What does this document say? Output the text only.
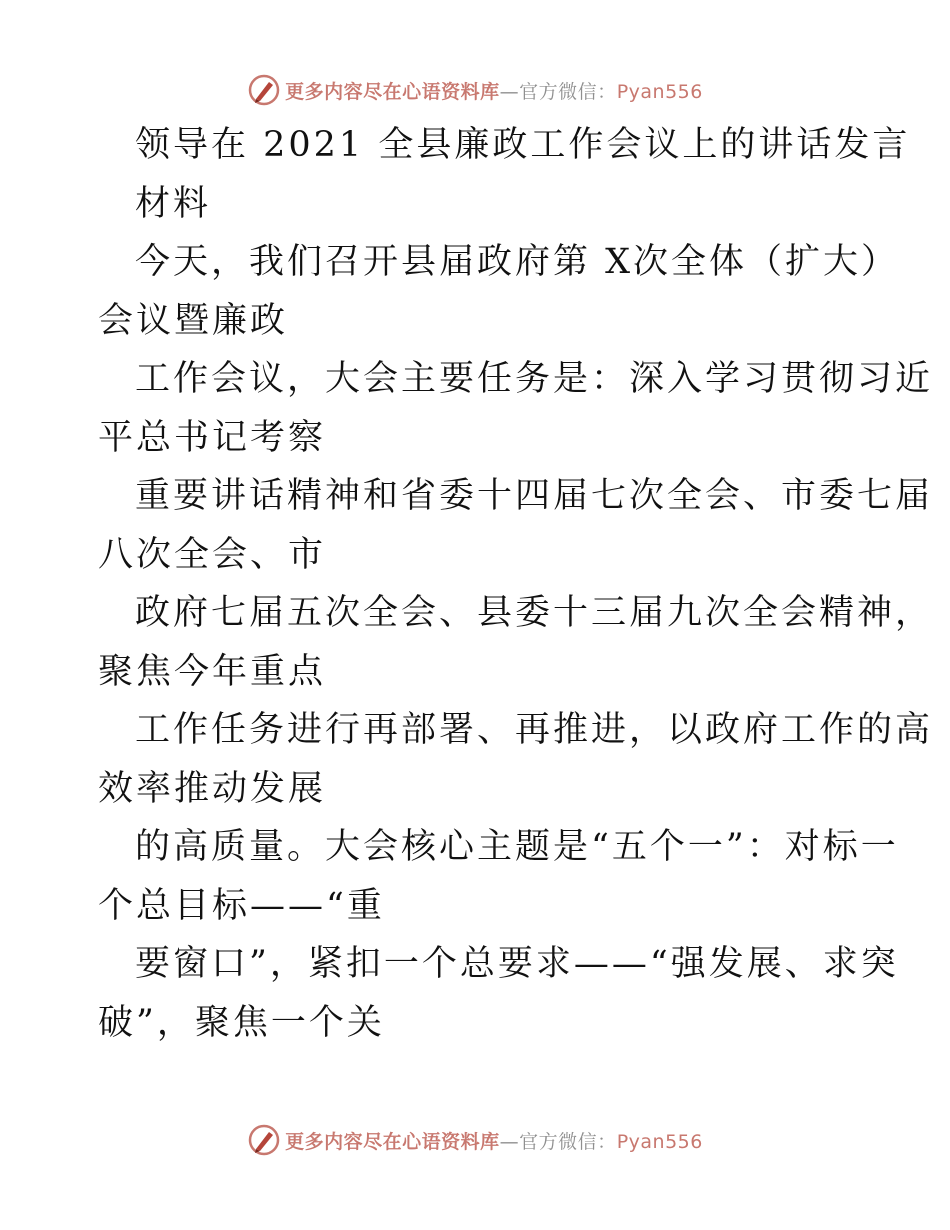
更多内容尽在心语资料库—官方微信：Pyan556
领导在 2021 全县廉政工作会议上的讲话发言
材料
今天，我们召开县届政府第 X次全体（扩大）
会议暨廉政
工作会议，大会主要任务是：深入学习贯彻习近
平总书记考察
重要讲话精神和省委十四届七次全会、市委七届
八次全会、市
政府七届五次全会、县委十三届九次全会精神，
聚焦今年重点
工作任务进行再部署、再推进，以政府工作的高
效率推动发展
的高质量。大会核心主题是“五个一”：对标一
个总目标——“重
要窗口”，紧扣一个总要求——“强发展、求突
破”，聚焦一个关
更多内容尽在心语资料库—官方微信：Pyan556
